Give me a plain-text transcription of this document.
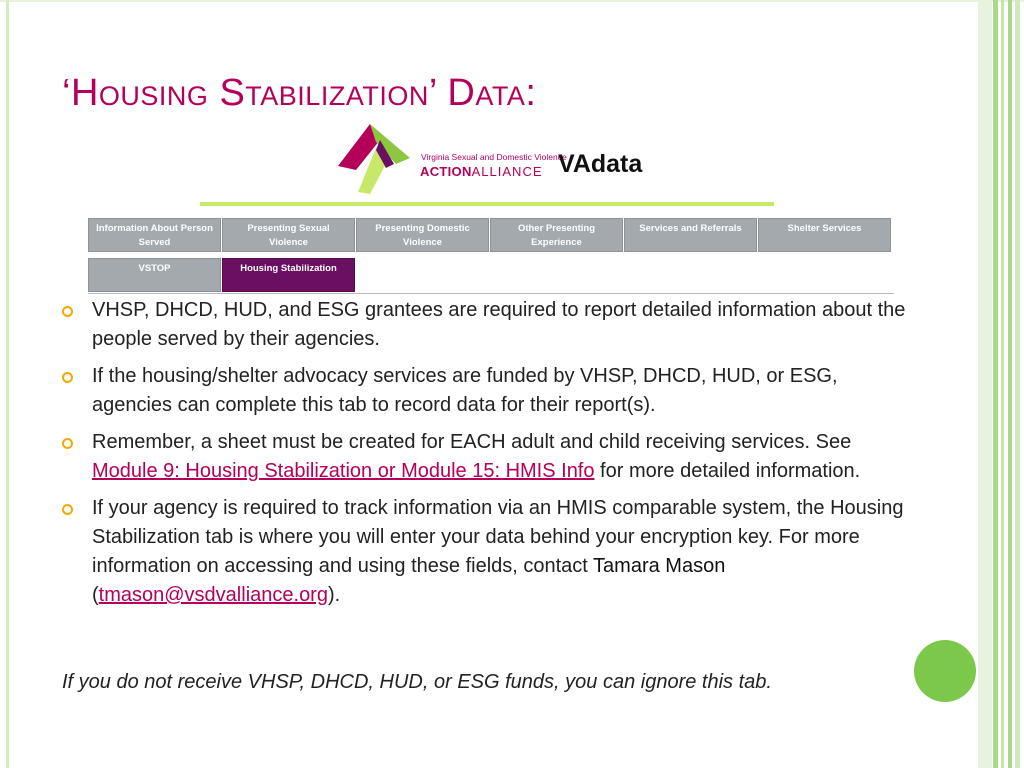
‘Housing Stabilization’ Data:
Virginia Sexual and Domestic Violence
ACTIONALLIANCE VAdata
Information About Person
Served
Presenting Sexual
Violence
Presenting Domestic
Violence
Other Presenting
Experience
Services and Referrals	Shelter Services
VSTOP	Housing Stabilization
VHSP, DHCD, HUD, and ESG grantees are required to report detailed information about the people served by their agencies.
If the housing/shelter advocacy services are funded by VHSP, DHCD, HUD, or ESG, agencies can complete this tab to record data for their report(s).
Remember, a sheet must be created for EACH adult and child receiving services. See Module 9: Housing Stabilization or Module 15: HMIS Info for more detailed information.
If your agency is required to track information via an HMIS comparable system, the Housing Stabilization tab is where you will enter your data behind your encryption key. For more information on accessing and using these fields, contact Tamara Mason (tmason@vsdvalliance.org).

If you do not receive VHSP, DHCD, HUD, or ESG funds, you can ignore this tab.
